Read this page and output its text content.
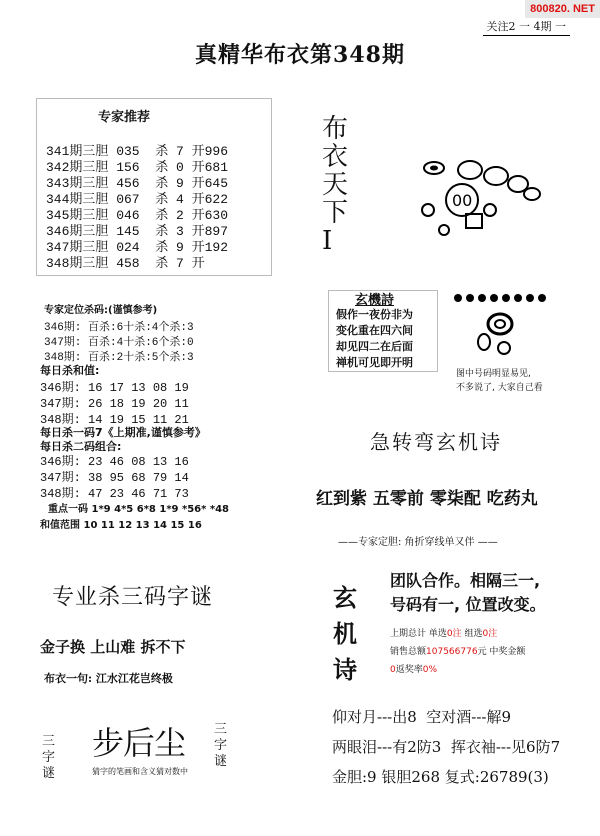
关注2 一 4期 一
800820. NET
真精华布衣第348期
专家推荐
341期三胆 035  杀 7 开996
342期三胆 156  杀 0 开681
343期三胆 456  杀 9 开645
344期三胆 067  杀 4 开622
345期三胆 046  杀 2 开630
346期三胆 145  杀 3 开897
347期三胆 024  杀 9 开192
348期三胆 458  杀 7 开
专家定位杀码:(谨慎参考)
346期: 百杀:6十杀:4个杀:3
347期: 百杀:4十杀:6个杀:0
348期: 百杀:2十杀:5个杀:3
每日杀和值:
346期: 16 17 13 08 19
347期: 26 18 19 20 11
348期: 14 19 15 11 21
每日杀一码7《上期准,谨慎参考》
每日杀二码组合:
346期: 23 46 08 13 16
347期: 38 95 68 79 14
348期: 47 23 46 71 73
重点一码 1*9 4*5 6*8 1*9 *56* *48
和值范围 10 11 12 13 14 15 16
布衣天下I
00
玄機詩
假作一夜份非为
变化重在四六间
却见四二在后面
禅机可见即开明
图中号码明显易见,
不多说了, 大家自己看
急转弯玄机诗
红到紫 五零前 零柒配 吃药丸
——专家定胆: 角折穿线单又伴 ——
玄机诗
团队合作。相隔三一,
号码有一, 位置改变。
上期总计 单选0注 组选0注
销售总额107566776元 中奖金额
0返奖率0%
仰对月---出8  空对酒---解9
两眼泪---有2防3  挥衣袖---见6防7
金胆:9 银胆268 复式:26789(3)
专业杀三码字谜
金子换 上山难 拆不下
布衣一句: 江水江花岂终极
三字谜
三字谜
步后尘
猜字的笔画和含义猜对数中
